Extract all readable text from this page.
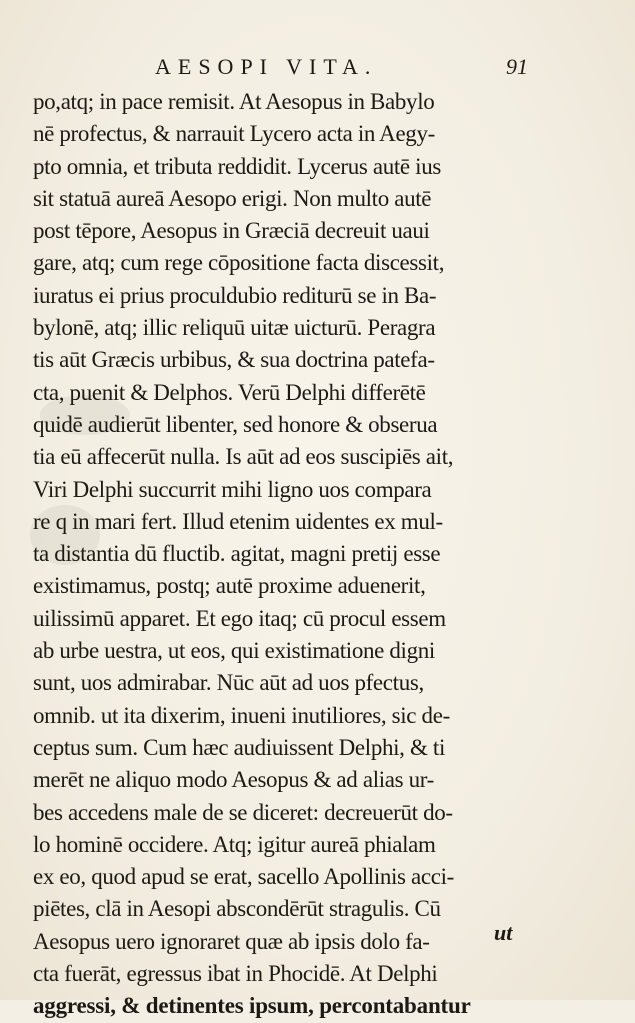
AESOPI VITA.	91
po,atq; in pace remisit. At Aesopus in Babylo
nē profectus, & narrauit Lycero acta in Aegy-
pto omnia, et tributa reddidit. Lycerus autē ius
sit statuā aureā Aesopo erigi. Non multo autē
post tēpore, Aesopus in Græciā decreuit uaui
gare, atq; cum rege cōpositione facta discessit,
iuratus ei prius proculdubio rediturū se in Ba-
bylonē, atq; illic reliquū uitæ uicturū. Peragra
tis aūt Græcis urbibus, & sua doctrina patefa-
cta, puenit & Delphos. Verū Delphi differētē
quidē audierūt libenter, sed honore & obserua
tia eū affecerūt nulla. Is aūt ad eos suscipiēs ait,
Viri Delphi succurrit mihi ligno uos compara
re q in mari fert. Illud etenim uidentes ex mul-
ta distantia dū fluctib. agitat, magni pretij esse
existimamus, postq; autē proxime aduenerit,
uilissimū apparet. Et ego itaq; cū procul essem
ab urbe uestra, ut eos, qui existimatione digni
sunt, uos admirabar. Nūc aūt ad uos pfectus,
omnib. ut ita dixerim, inueni inutiliores, sic de-
ceptus sum. Cum hæc audiuissent Delphi, & ti
merēt ne aliquo modo Aesopus & ad alias ur-
bes accedens male de se diceret: decreuerūt do-
lo hominē occidere. Atq; igitur aureā phialam
ex eo, quod apud se erat, sacello Apollinis acci-
piētes, clā in Aesopi abscondērūt stragulis. Cū
Aesopus uero ignoraret quæ ab ipsis dolo fa-
cta fuerāt, egressus ibat in Phocidē. At Delphi
aggressi, & detinentes ipsum, percontabantur
ut
